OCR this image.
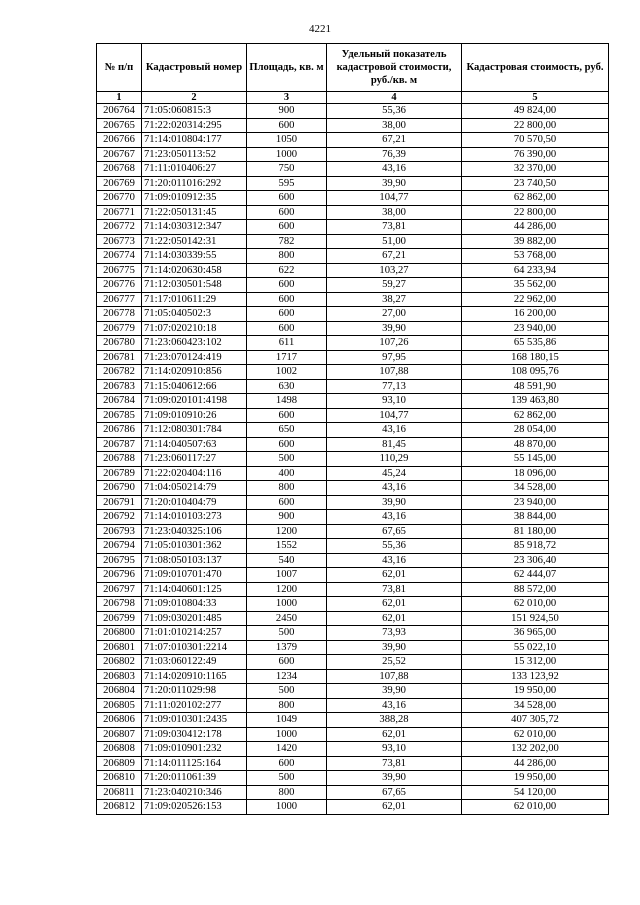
4221
№ п/п	Кадастровый номер	Площадь, кв. м	Удельный показатель кадастровой стоимости, руб./кв. м	Кадастровая стоимость, руб.
1	2	3	4	5
206764	71:05:060815:3	900	55,36	49 824,00
206765	71:22:020314:295	600	38,00	22 800,00
206766	71:14:010804:177	1050	67,21	70 570,50
206767	71:23:050113:52	1000	76,39	76 390,00
206768	71:11:010406:27	750	43,16	32 370,00
206769	71:20:011016:292	595	39,90	23 740,50
206770	71:09:010912:35	600	104,77	62 862,00
206771	71:22:050131:45	600	38,00	22 800,00
206772	71:14:030312:347	600	73,81	44 286,00
206773	71:22:050142:31	782	51,00	39 882,00
206774	71:14:030339:55	800	67,21	53 768,00
206775	71:14:020630:458	622	103,27	64 233,94
206776	71:12:030501:548	600	59,27	35 562,00
206777	71:17:010611:29	600	38,27	22 962,00
206778	71:05:040502:3	600	27,00	16 200,00
206779	71:07:020210:18	600	39,90	23 940,00
206780	71:23:060423:102	611	107,26	65 535,86
206781	71:23:070124:419	1717	97,95	168 180,15
206782	71:14:020910:856	1002	107,88	108 095,76
206783	71:15:040612:66	630	77,13	48 591,90
206784	71:09:020101:4198	1498	93,10	139 463,80
206785	71:09:010910:26	600	104,77	62 862,00
206786	71:12:080301:784	650	43,16	28 054,00
206787	71:14:040507:63	600	81,45	48 870,00
206788	71:23:060117:27	500	110,29	55 145,00
206789	71:22:020404:116	400	45,24	18 096,00
206790	71:04:050214:79	800	43,16	34 528,00
206791	71:20:010404:79	600	39,90	23 940,00
206792	71:14:010103:273	900	43,16	38 844,00
206793	71:23:040325:106	1200	67,65	81 180,00
206794	71:05:010301:362	1552	55,36	85 918,72
206795	71:08:050103:137	540	43,16	23 306,40
206796	71:09:010701:470	1007	62,01	62 444,07
206797	71:14:040601:125	1200	73,81	88 572,00
206798	71:09:010804:33	1000	62,01	62 010,00
206799	71:09:030201:485	2450	62,01	151 924,50
206800	71:01:010214:257	500	73,93	36 965,00
206801	71:07:010301:2214	1379	39,90	55 022,10
206802	71:03:060122:49	600	25,52	15 312,00
206803	71:14:020910:1165	1234	107,88	133 123,92
206804	71:20:011029:98	500	39,90	19 950,00
206805	71:11:020102:277	800	43,16	34 528,00
206806	71:09:010301:2435	1049	388,28	407 305,72
206807	71:09:030412:178	1000	62,01	62 010,00
206808	71:09:010901:232	1420	93,10	132 202,00
206809	71:14:011125:164	600	73,81	44 286,00
206810	71:20:011061:39	500	39,90	19 950,00
206811	71:23:040210:346	800	67,65	54 120,00
206812	71:09:020526:153	1000	62,01	62 010,00
